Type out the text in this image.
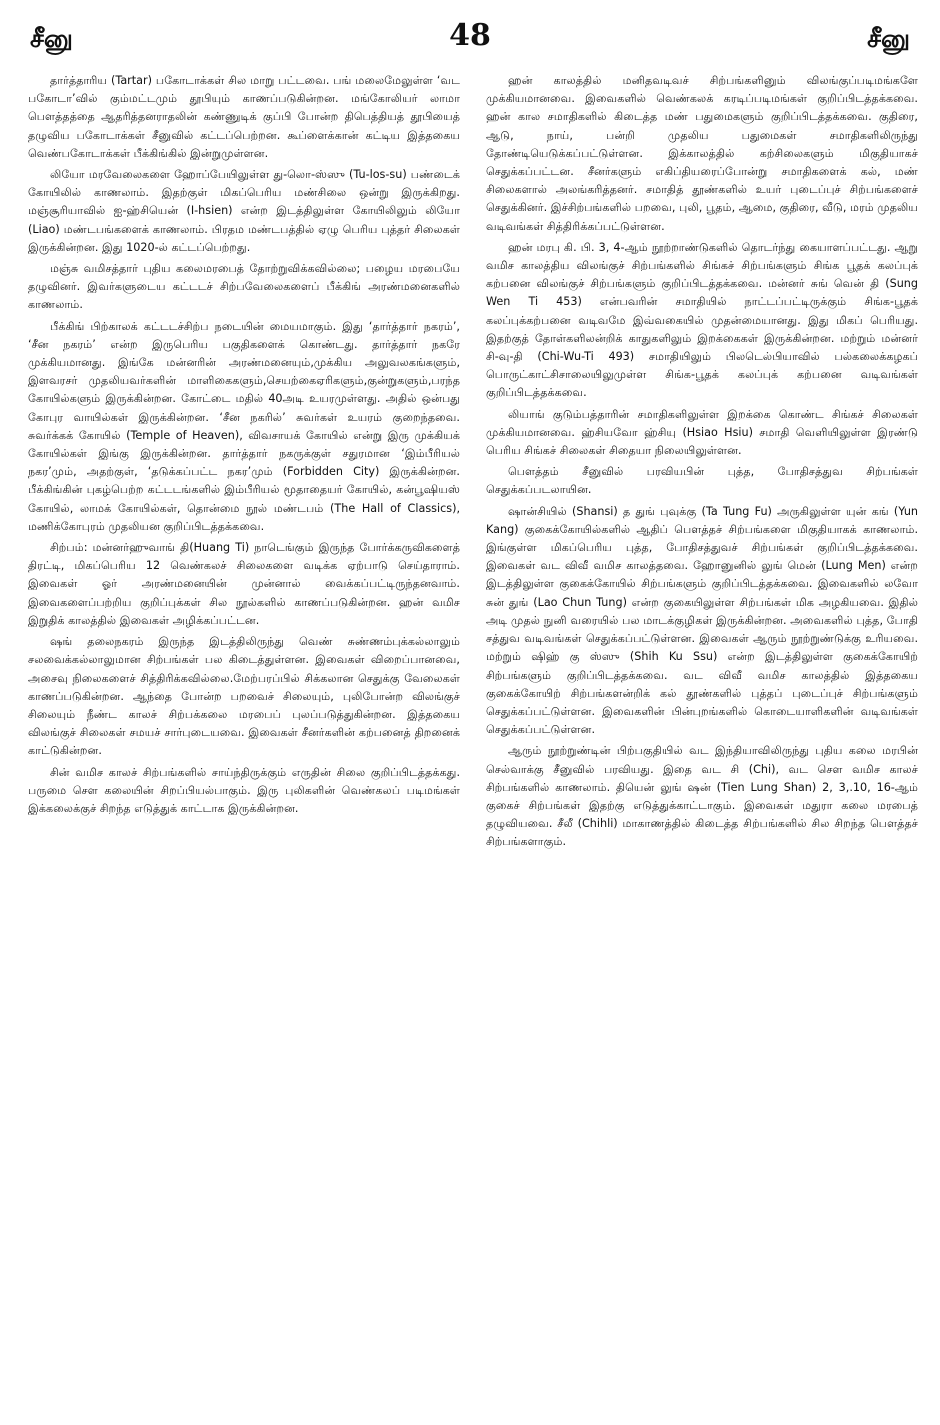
சீனு	48	சீனு

தார்த்தாரிய (Tartar) பகோடாக்கள் சில மாறு பட்டவை. பங் மலைமேலுள்ள ‘வட பகோடா’வில் கும்மட்டமும் தூபியும் காணப்படுகின்றன. மங்கோலியர் லாமா பௌத்தத்தை ஆதரித்தனராதலின் கண்ணுடிக் குப்பி போன்ற திபெத்தியத் தூபியைத் தழுவிய பகோடாக்கள் சீனுவில் கட்டப்பெற்றன. கூப்ளைக்கான் கட்டிய இத்தகைய வெண்பகோடாக்கள் பீக்கிங்கில் இன்றுமுள்ளன.

லியோ மரவேலைகளை ஹோப்பேயிலுள்ள து-லொ-ஸ்ஸு (Tu-los-su) பண்டைக் கோயிலில் காணலாம். இதற்குள் மிகப்பெரிய மண்சிலை ஒன்று இருக்கிறது. மஞ்சூரியாவில் ஐ-ஹ்சியென் (I-hsien) என்ற இடத்திலுள்ள கோயிலிலும் லியோ (Liao) மண்டபங்களைக் காணலாம். பிரதம மண்டபத்தில் ஏழு பெரிய புத்தர் சிலைகள் இருக்கின்றன. இது 1020-ல் கட்டப்பெற்றது.

மஞ்சு வமிசத்தார் புதிய கலைமரபைத் தோற்றுவிக்கவில்லை; பழைய மரபையே தழுவினர். இவர்களுடைய கட்டடச் சிற்பவேலைகளைப் பீக்கிங் அரண்மனைகளில் காணலாம்.

பீக்கிங் பிற்காலக் கட்டடச்சிற்ப நடையின் மையமாகும். இது ‘தார்த்தார் நகரம்’, ‘சீன நகரம்’ என்ற இருபெரிய பகுதிகளைக் கொண்டது. தார்த்தார் நகரே முக்கியமானது. இங்கே மன்னரின் அரண்மனையும்,முக்கிய அலுவலகங்களும், இளவரசர் முதலியவர்களின் மாளிகைகளும்,செயற்கைஏரிகளும்,குன்றுகளும்,பரந்த கோயில்களும் இருக்கின்றன. கோட்டை மதில் 40அடி உயரமுள்ளது. அதில் ஒன்பது கோபுர வாயில்கள் இருக்கின்றன. ‘சீன நகரில்’ சுவர்கள் உயரம் குறைந்தவை. சுவர்க்கக் கோயில் (Temple of Heaven), விவசாயக் கோயில் என்று இரு முக்கியக் கோயில்கள் இங்கு இருக்கின்றன. தார்த்தார் நகருக்குள் சதுரமான ‘இம்பீரியல் நகர’மும், அதற்குள், ‘தடுக்கப்பட்ட நகர’மும் (Forbidden City) இருக்கின்றன. பீக்கிங்கின் புகழ்பெற்ற கட்டடங்களில் இம்பீரியல் மூதாதையர் கோயில், கன்பூஷியஸ் கோயில், லாமக் கோயில்கள், தொன்மை நூல் மண்டபம் (The Hall of Classics), மணிக்கோபுரம் முதலியன குறிப்பிடத்தக்கவை.

சிற்பம்: மன்னர்ஹுவாங் தி(Huang Ti) நாடெங்கும் இருந்த போர்க்கருவிகளைத் திரட்டி, மிகப்பெரிய 12 வெண்கலச் சிலைகளை வடிக்க ஏற்பாடு செய்தாராம். இவைகள் ஓர் அரண்மனையின் முன்னால் வைக்கப்பட்டிருந்தனவாம். இவைகளைப்பற்றிய குறிப்புக்கள் சில நூல்களில் காணப்படுகின்றன. ஹன் வமிச இறுதிக் காலத்தில் இவைகள் அழிக்கப்பட்டன.

ஷங் தலைநகரம் இருந்த இடத்திலிருந்து வெண் சுண்ணம்புக்கல்லாலும் சலவைக்கல்லாலுமான சிற்பங்கள் பல கிடைத்துள்ளன. இவைகள் விறைப்பானவை, அசைவு நிலைகளைச் சித்திரிக்கவில்லை.மேற்பரப்பில் சிக்கலான செதுக்கு வேலைகள் காணப்படுகின்றன. ஆந்தை போன்ற பறவைச் சிலையும், புலிபோன்ற விலங்குச் சிலையும் நீண்ட காலச் சிற்பக்கலை மரபைப் புலப்படுத்துகின்றன. இத்தகைய விலங்குச் சிலைகள் சமயச் சார்புடையவை. இவைகள் சீனர்களின் கற்பனைத் திறனைக் காட்டுகின்றன.

சின் வமிச காலச் சிற்பங்களில் சாய்ந்திருக்கும் எருதின் சிலை குறிப்பிடத்தக்கது. பருமை சௌ கலையின் சிறப்பியல்பாகும். இரு புலிகளின் வெண்கலப் படிமங்கள் இக்கலைக்குச் சிறந்த எடுத்துக் காட்டாக இருக்கின்றன.

ஹன் காலத்தில் மனிதவடிவச் சிற்பங்களினும் விலங்குப்படிமங்களே முக்கியமானவை. இவைகளில் வெண்கலக் கரடிப்படிமங்கள் குறிப்பிடத்தக்கவை. ஹன் கால சமாதிகளில் கிடைத்த மண் பதுமைகளும் குறிப்பிடத்தக்கவை. குதிரை, ஆடு, நாய், பன்றி முதலிய பதுமைகள் சமாதிகளிலிருந்து தோண்டியெடுக்கப்பட்டுள்ளன. இக்காலத்தில் கற்சிலைகளும் மிகுதியாகச் செதுக்கப்பட்டன. சீனர்களும் எகிப்தியரைப்போன்று சமாதிகளைக் கல், மண் சிலைகளால் அலங்கரித்தனர். சமாதித் தூண்களில் உயர் புடைப்புச் சிற்பங்களைச் செதுக்கினர். இச்சிற்பங்களில் பறவை, புலி, பூதம், ஆமை, குதிரை, வீடு, மரம் முதலிய வடிவங்கள் சித்திரிக்கப்பட்டுள்ளன.

ஹன் மரபு கி. பி. 3, 4-ஆம் நூற்றாண்டுகளில் தொடர்ந்து கையாளப்பட்டது. ஆறு வமிச காலத்திய விலங்குச் சிற்பங்களில் சிங்கச் சிற்பங்களும் சிங்க பூதக் கலப்புக் கற்பனை விலங்குச் சிற்பங்களும் குறிப்பிடத்தக்கவை. மன்னர் சுங் வென் தி (Sung Wen Ti 453) என்பவரின் சமாதியில் நாட்டப்பட்டிருக்கும் சிங்க-பூதக் கலப்புக்கற்பனை வடிவமே இவ்வகையில் முதன்மையானது. இது மிகப் பெரியது. இதற்குத் தோள்களிலன்றிக் காதுகளிலும் இறக்கைகள் இருக்கின்றன. மற்றும் மன்னர் சி-வு-தி (Chi-Wu-Ti 493) சமாதியிலும் பிலடெல்பியாவில் பல்கலைக்கழகப் பொருட்காட்சிசாலையிலுமுள்ள சிங்க-பூதக் கலப்புக் கற்பனை வடிவங்கள் குறிப்பிடத்தக்கவை.

லியாங் குடும்பத்தாரின் சமாதிகளிலுள்ள இறக்கை கொண்ட சிங்கச் சிலைகள் முக்கியமானவை. ஹ்சியவோ ஹ்சியு (Hsiao Hsiu) சமாதி வெளியிலுள்ள இரண்டு பெரிய சிங்கச் சிலைகள் சிதையா நிலையிலுள்ளன.

பௌத்தம் சீனுவில் பரவியபின் புத்த, போதிசத்துவ சிற்பங்கள் செதுக்கப்படலாயின.

ஷான்சியில் (Shansi) த துங் புவுக்கு (Ta Tung Fu) அருகிலுள்ள யுன் கங் (Yun Kang) குகைக்கோயில்களில் ஆதிப் பௌத்தச் சிற்பங்களை மிகுதியாகக் காணலாம். இங்குள்ள மிகப்பெரிய புத்த, போதிசத்துவச் சிற்பங்கள் குறிப்பிடத்தக்கவை. இவைகள் வட விவீ வமிச காலத்தவை. ஹோனுனில் லுங் மென் (Lung Men) என்ற இடத்திலுள்ள குகைக்கோயில் சிற்பங்களும் குறிப்பிடத்தக்கவை. இவைகளில் லவோ சுன் துங் (Lao Chun Tung) என்ற குகையிலுள்ள சிற்பங்கள் மிக அழகியவை. இதில் அடி முதல் நுனி வரையில் பல மாடக்குழிகள் இருக்கின்றன. அவைகளில் புத்த, போதி சத்துவ வடிவங்கள் செதுக்கப்பட்டுள்ளன. இவைகள் ஆரும் நூற்றுண்டுக்கு உரியவை. மற்றும் ஷிஹ் கு ஸ்ஸு (Shih Ku Ssu) என்ற இடத்திலுள்ள குகைக்கோயிற் சிற்பங்களும் குறிப்பிடத்தக்கவை. வட விவீ வமிச காலத்தில் இத்தகைய குகைக்கோயிற் சிற்பங்களன்றிக் கல் தூண்களில் புத்தப் புடைப்புச் சிற்பங்களும் செதுக்கப்பட்டுள்ளன. இவைகளின் பின்புறங்களில் கொடையாளிகளின் வடிவங்கள் செதுக்கப்பட்டுள்ளன.

ஆரும் நூற்றுண்டின் பிற்பகுதியில் வட இந்தியாவிலிருந்து புதிய கலை மரபின் செல்வாக்கு சீனுவில் பரவியது. இதை வட சி (Chi), வட சௌ வமிச காலச் சிற்பங்களில் காணலாம். தியென் லுங் ஷன் (Tien Lung Shan) 2, 3,.10, 16-ஆம் குகைச் சிற்பங்கள் இதற்கு எடுத்துக்காட்டாகும். இவைகள் மதுரா கலை மரபைத் தழுவியவை. சீலீ (Chihli) மாகாணத்தில் கிடைத்த சிற்பங்களில் சில சிறந்த பௌத்தச் சிற்பங்களாகும்.
